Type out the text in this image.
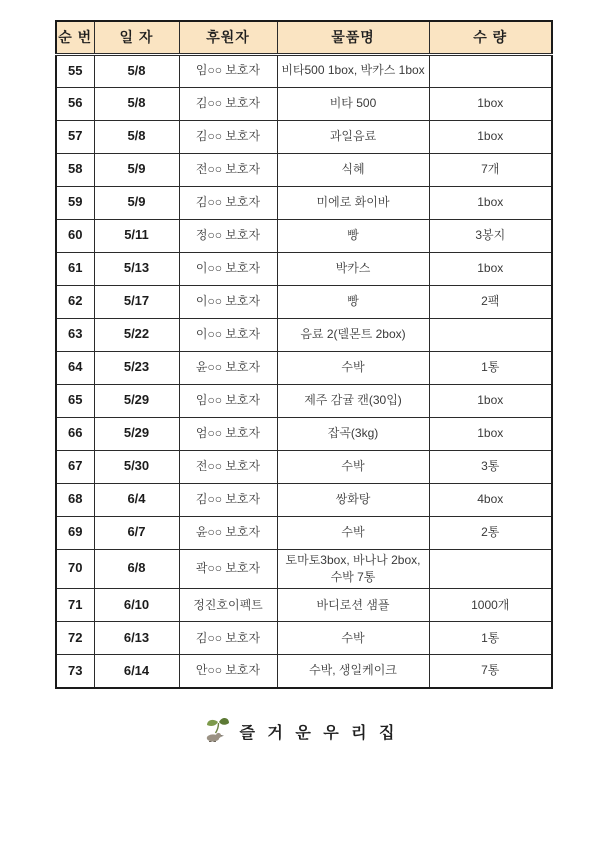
순 번	일 자	후원자	물품명	수 량
55	5/8	임○○ 보호자	비타500 1box, 박카스 1box	
56	5/8	김○○ 보호자	비타 500	1box
57	5/8	김○○ 보호자	과일음료	1box
58	5/9	전○○ 보호자	식혜	7개
59	5/9	김○○ 보호자	미에로 화이바	1box
60	5/11	정○○ 보호자	빵	3봉지
61	5/13	이○○ 보호자	박카스	1box
62	5/17	이○○ 보호자	빵	2팩
63	5/22	이○○ 보호자	음료 2(델몬트 2box)	
64	5/23	윤○○ 보호자	수박	1통
65	5/29	임○○ 보호자	제주 감귤 캔(30입)	1box
66	5/29	엄○○ 보호자	잡곡(3kg)	1box
67	5/30	전○○ 보호자	수박	3통
68	6/4	김○○ 보호자	쌍화탕	4box
69	6/7	윤○○ 보호자	수박	2통
70	6/8	곽○○ 보호자	토마토3box, 바나나 2box, 수박 7통	
71	6/10	정진호이펙트	바디로션 샘플	1000개
72	6/13	김○○ 보호자	수박	1통
73	6/14	안○○ 보호자	수박, 생일케이크	7통
즐 거 운 우 리 집
